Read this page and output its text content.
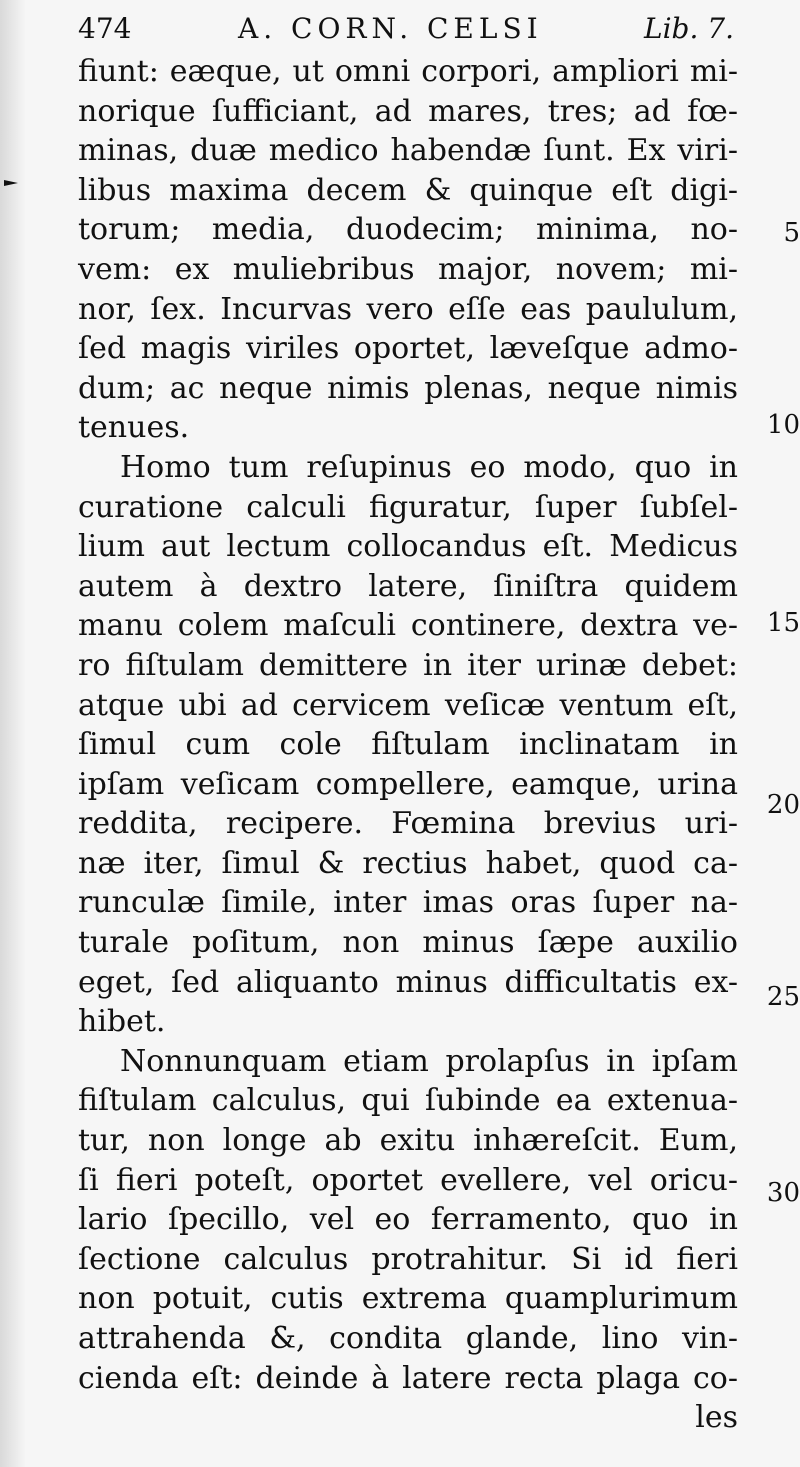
474	A. CORN. CELSI	Lib. 7.
fiunt: eæque, ut omni corpori, ampliori mi-
norique ſufficiant, ad mares, tres; ad fœ-
minas, duæ medico habendæ ſunt. Ex viri-
libus maxima decem & quinque eſt digi-
torum; media, duodecim; minima, no-
vem: ex muliebribus major, novem; mi-
nor, ſex. Incurvas vero eſſe eas paululum,
ſed magis viriles oportet, læveſque admo-
dum; ac neque nimis plenas, neque nimis
tenues.
Homo tum reſupinus eo modo, quo in
curatione calculi figuratur, ſuper ſubſel-
lium aut lectum collocandus eſt. Medicus
autem à dextro latere, ſiniſtra quidem
manu colem maſculi continere, dextra ve-
ro fiſtulam demittere in iter urinæ debet:
atque ubi ad cervicem veſicæ ventum eſt,
ſimul cum cole fiſtulam inclinatam in
ipſam veſicam compellere, eamque, urina
reddita, recipere. Fœmina brevius uri-
næ iter, ſimul & rectius habet, quod ca-
runculæ ſimile, inter imas oras ſuper na-
turale poſitum, non minus ſæpe auxilio
eget, ſed aliquanto minus difficultatis ex-
hibet.
Nonnunquam etiam prolapſus in ipſam
fiſtulam calculus, qui ſubinde ea extenua-
tur, non longe ab exitu inhæreſcit. Eum,
ſi fieri poteſt, oportet evellere, vel oricu-
lario ſpecillo, vel eo ferramento, quo in
ſectione calculus protrahitur. Si id fieri
non potuit, cutis extrema quamplurimum
attrahenda &, condita glande, lino vin-
cienda eſt: deinde à latere recta plaga co-
les
5
10
15
20
25
30
